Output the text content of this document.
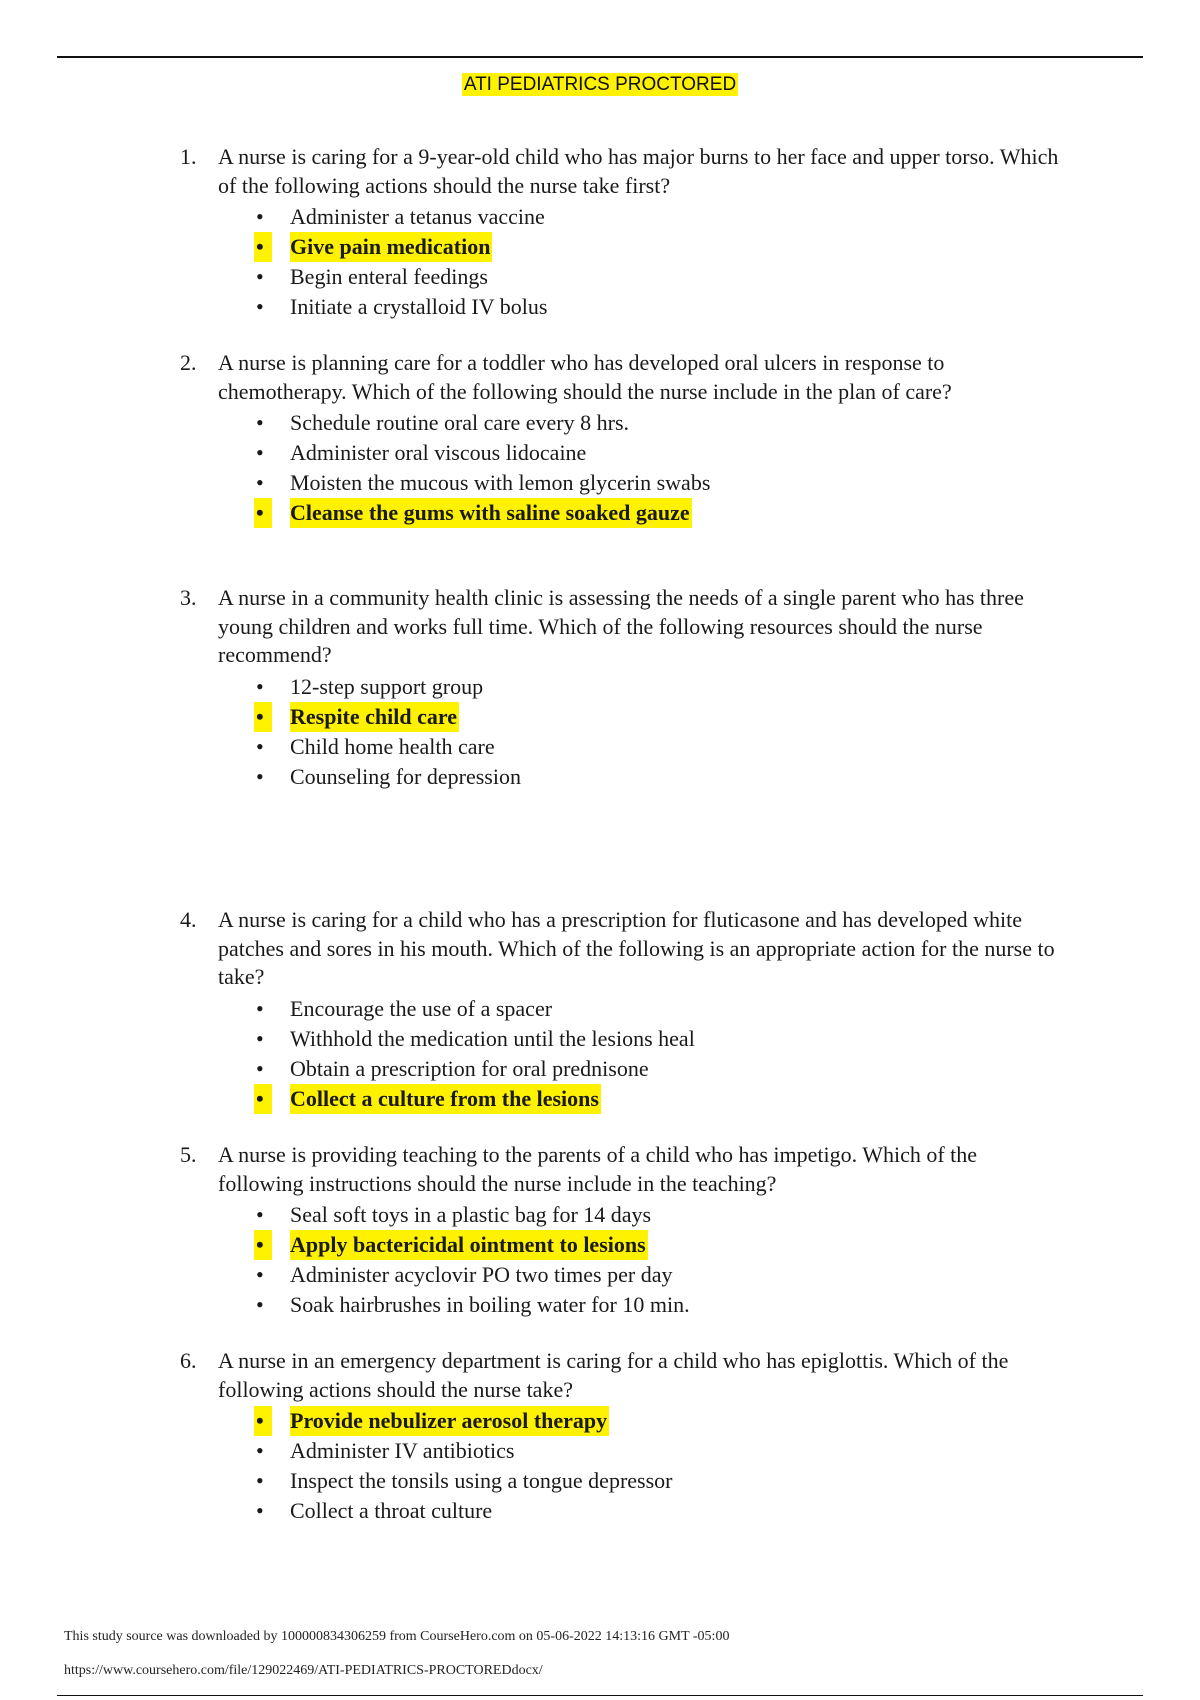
ATI PEDIATRICS PROCTORED
1. A nurse is caring for a 9-year-old child who has major burns to her face and upper torso. Which of the following actions should the nurse take first?
• Administer a tetanus vaccine
•	Give pain medication
• Begin enteral feedings
• Initiate a crystalloid IV bolus
2. A nurse is planning care for a toddler who has developed oral ulcers in response to chemotherapy. Which of the following should the nurse include in the plan of care?
• Schedule routine oral care every 8 hrs.
• Administer oral viscous lidocaine
• Moisten the mucous with lemon glycerin swabs
•	Cleanse the gums with saline soaked gauze
3. A nurse in a community health clinic is assessing the needs of a single parent who has three young children and works full time. Which of the following resources should the nurse recommend?
• 12-step support group
•	Respite child care
• Child home health care
• Counseling for depression
4. A nurse is caring for a child who has a prescription for fluticasone and has developed white patches and sores in his mouth. Which of the following is an appropriate action for the nurse to take?
• Encourage the use of a spacer
• Withhold the medication until the lesions heal
• Obtain a prescription for oral prednisone
•	Collect a culture from the lesions
5. A nurse is providing teaching to the parents of a child who has impetigo. Which of the following instructions should the nurse include in the teaching?
• Seal soft toys in a plastic bag for 14 days
•	Apply bactericidal ointment to lesions
• Administer acyclovir PO two times per day
• Soak hairbrushes in boiling water for 10 min.
6. A nurse in an emergency department is caring for a child who has epiglottis. Which of the following actions should the nurse take?
•	Provide nebulizer aerosol therapy
• Administer IV antibiotics
• Inspect the tonsils using a tongue depressor
• Collect a throat culture
This study source was downloaded by 100000834306259 from CourseHero.com on 05-06-2022 14:13:16 GMT -05:00
https://www.coursehero.com/file/129022469/ATI-PEDIATRICS-PROCTOREDdocx/
